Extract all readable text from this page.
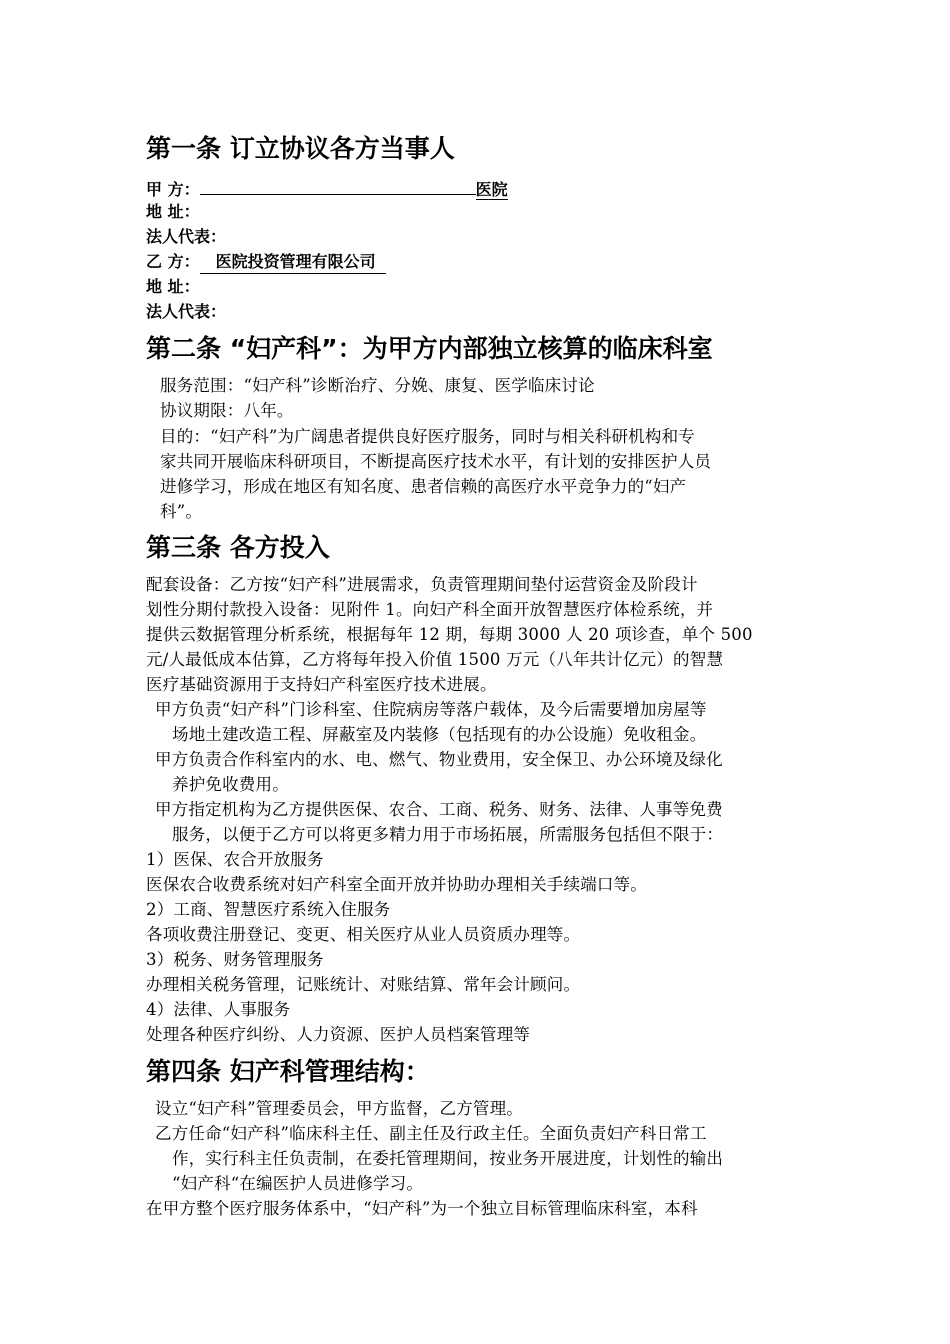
第一条 订立协议各方当事人
甲 方：	医院
地 址：
法人代表：
乙 方： 医院投资管理有限公司
地 址：
法人代表：
第二条 “妇产科”：为甲方内部独立核算的临床科室
服务范围：“妇产科”诊断治疗、分娩、康复、医学临床讨论
协议期限：八年。
目的：“妇产科”为广阔患者提供良好医疗服务，同时与相关科研机构和专
家共同开展临床科研项目，不断提高医疗技术水平，有计划的安排医护人员
进修学习，形成在地区有知名度、患者信赖的高医疗水平竞争力的“妇产
科”。
第三条 各方投入
配套设备：乙方按“妇产科”进展需求，负责管理期间垫付运营资金及阶段计
划性分期付款投入设备：见附件 1。向妇产科全面开放智慧医疗体检系统，并
提供云数据管理分析系统，根据每年 12 期，每期 3000 人 20 项诊查，单个 500
元/人最低成本估算，乙方将每年投入价值 1500 万元（八年共计亿元）的智慧
医疗基础资源用于支持妇产科室医疗技术进展。
甲方负责“妇产科”门诊科室、住院病房等落户载体，及今后需要增加房屋等
场地土建改造工程、屏蔽室及内装修（包括现有的办公设施）免收租金。
甲方负责合作科室内的水、电、燃气、物业费用，安全保卫、办公环境及绿化
养护免收费用。
甲方指定机构为乙方提供医保、农合、工商、税务、财务、法律、人事等免费
服务，以便于乙方可以将更多精力用于市场拓展，所需服务包括但不限于：
1）医保、农合开放服务
医保农合收费系统对妇产科室全面开放并协助办理相关手续端口等。
2）工商、智慧医疗系统入住服务
各项收费注册登记、变更、相关医疗从业人员资质办理等。
3）税务、财务管理服务
办理相关税务管理，记账统计、对账结算、常年会计顾问。
4）法律、人事服务
处理各种医疗纠纷、人力资源、医护人员档案管理等
第四条 妇产科管理结构：
设立“妇产科”管理委员会，甲方监督，乙方管理。
乙方任命“妇产科”临床科主任、副主任及行政主任。全面负责妇产科日常工
作，实行科主任负责制，在委托管理期间，按业务开展进度，计划性的输出
“妇产科“在编医护人员进修学习。
在甲方整个医疗服务体系中，“妇产科”为一个独立目标管理临床科室，本科
